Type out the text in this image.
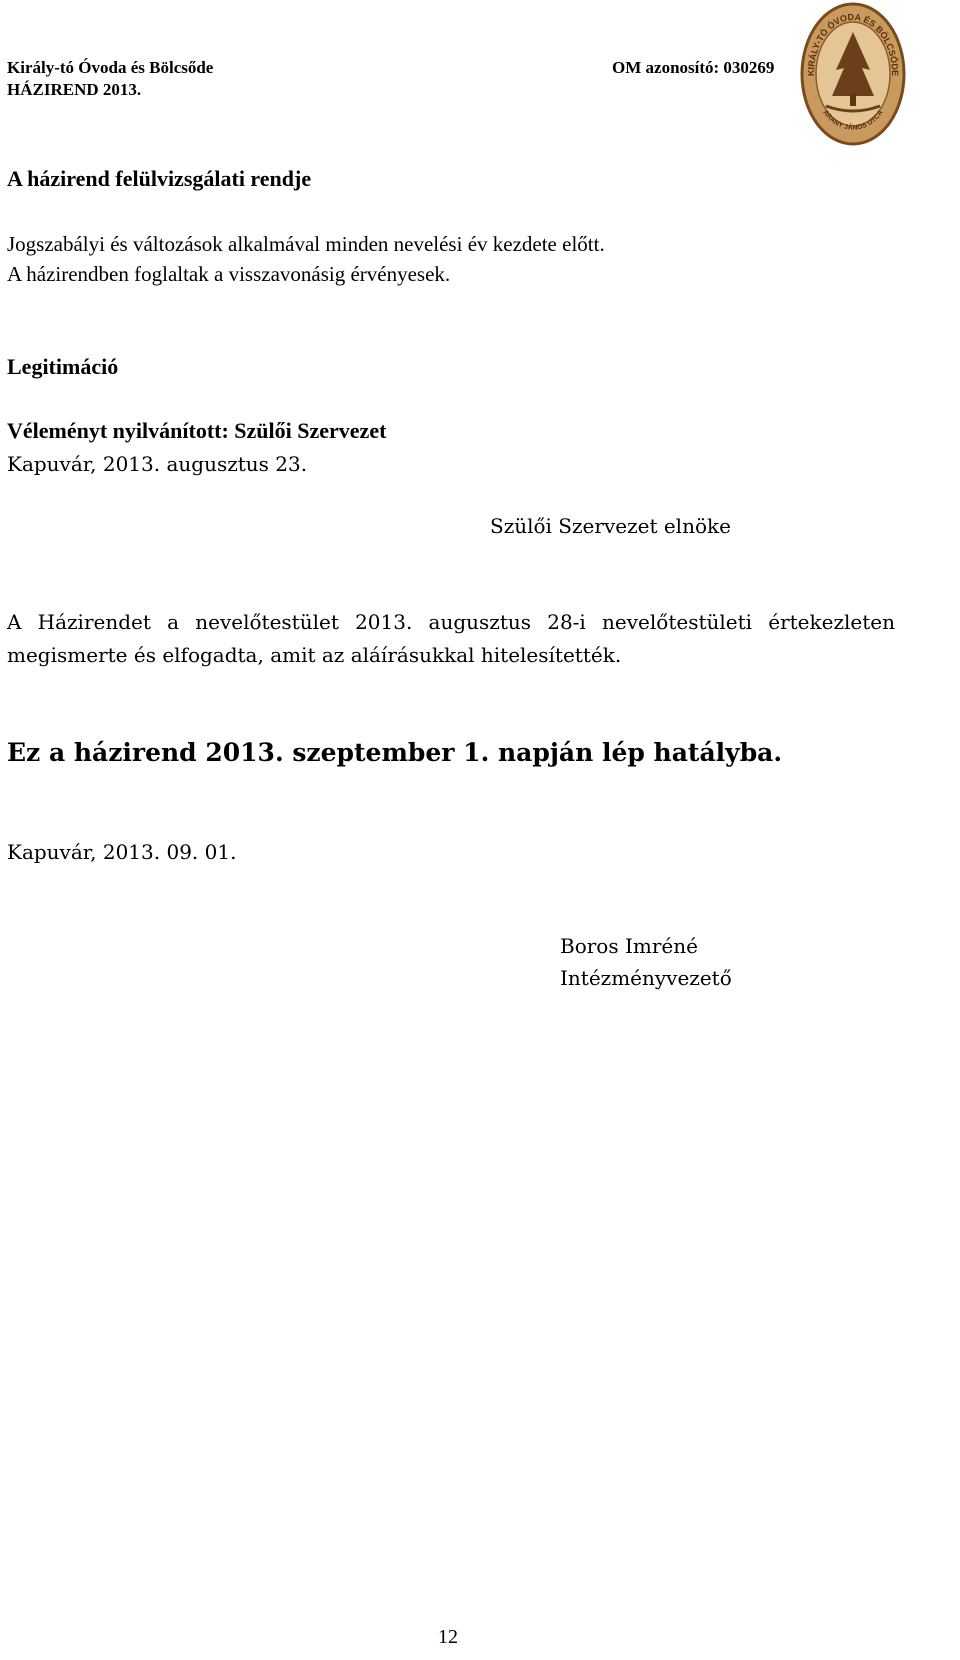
Király-tó Óvoda és Bölcsőde
HÁZIREND 2013.
OM azonosító: 030269	KIRÁLY-TÓ ÓVODA ÉS BÖLCSŐDE
ARANY JÁNOS UTCA
A házirend felülvizsgálati rendje
Jogszabályi és változások alkalmával minden nevelési év kezdete előtt.
A házirendben foglaltak a visszavonásig érvényesek.
Legitimáció
Véleményt nyilvánított: Szülői Szervezet
Kapuvár, 2013. augusztus 23.
Szülői Szervezet elnöke
A Házirendet a nevelőtestület 2013. augusztus 28-i nevelőtestületi értekezleten megismerte és elfogadta, amit az aláírásukkal hitelesítették.
Ez a házirend 2013. szeptember 1. napján lép hatályba.
Kapuvár, 2013. 09. 01.
Boros Imréné
Intézményvezető
12
